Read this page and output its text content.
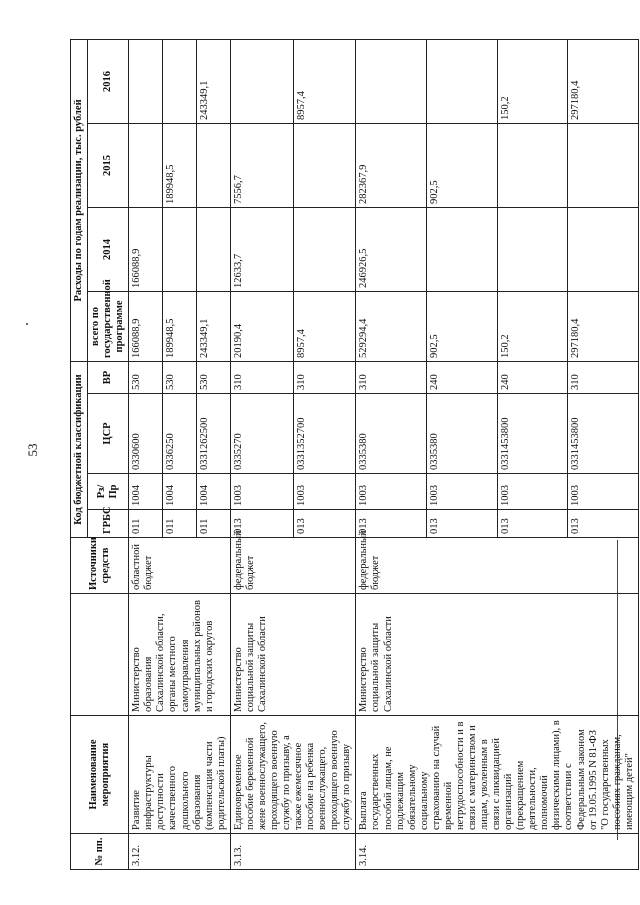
53
№ пп.	Наименование мероприятия		Источники средств	Код бюджетной классификации				Расходы по годам реализации, тыс. рублей			
				ГРБС	Рз/ Пр	ЦСР	ВР	всего по государственной программе	2014	2015	2016
3.12.	Развитие инфраструктуры доступности качественного дошкольного образования (компенсация части родительской платы)	Министерство образования Сахалинской области, органы местного самоуправления муниципальных районов и городских округов	областной бюджет	011	1004	0330600	530	166088,9	166088,9		
				011	1004	0336250	530	189948,5		189948,5	
				011	1004	0331262500	530	243349,1			243349,1
3.13.	Единовременное пособие беременной жене военнослужащего, проходящего военную службу по призыву, а также ежемесячное пособие на ребенка военнослужащего, проходящего военную службу по призыву	Министерство социальной защиты Сахалинской области	федеральный бюджет	013	1003	0335270	310	20190,4	12633,7	7556,7	
				013	1003	0331352700	310	8957,4			8957,4
3.14.	Выплата государственных пособий лицам, не подлежащим обязательному социальному страхованию на случай временной нетрудоспособности и в связи с материнством и лицам, уволенным в связи с ликвидацией организаций (прекращением деятельности, полномочий физическими лицами), в соответствии с Федеральным законом от 19.05.1995 N 81-ФЗ "О государственных пособиях гражданам, имеющим детей"	Министерство социальной защиты Сахалинской области	федеральный бюджет	013	1003	0335380	310	529294,4	246926,5	282367,9	
				013	1003	0335380	240	902,5		902,5	
				013	1003	0331453800	240	150,2			150,2
				013	1003	0331453800	310	297180,4			297180,4
